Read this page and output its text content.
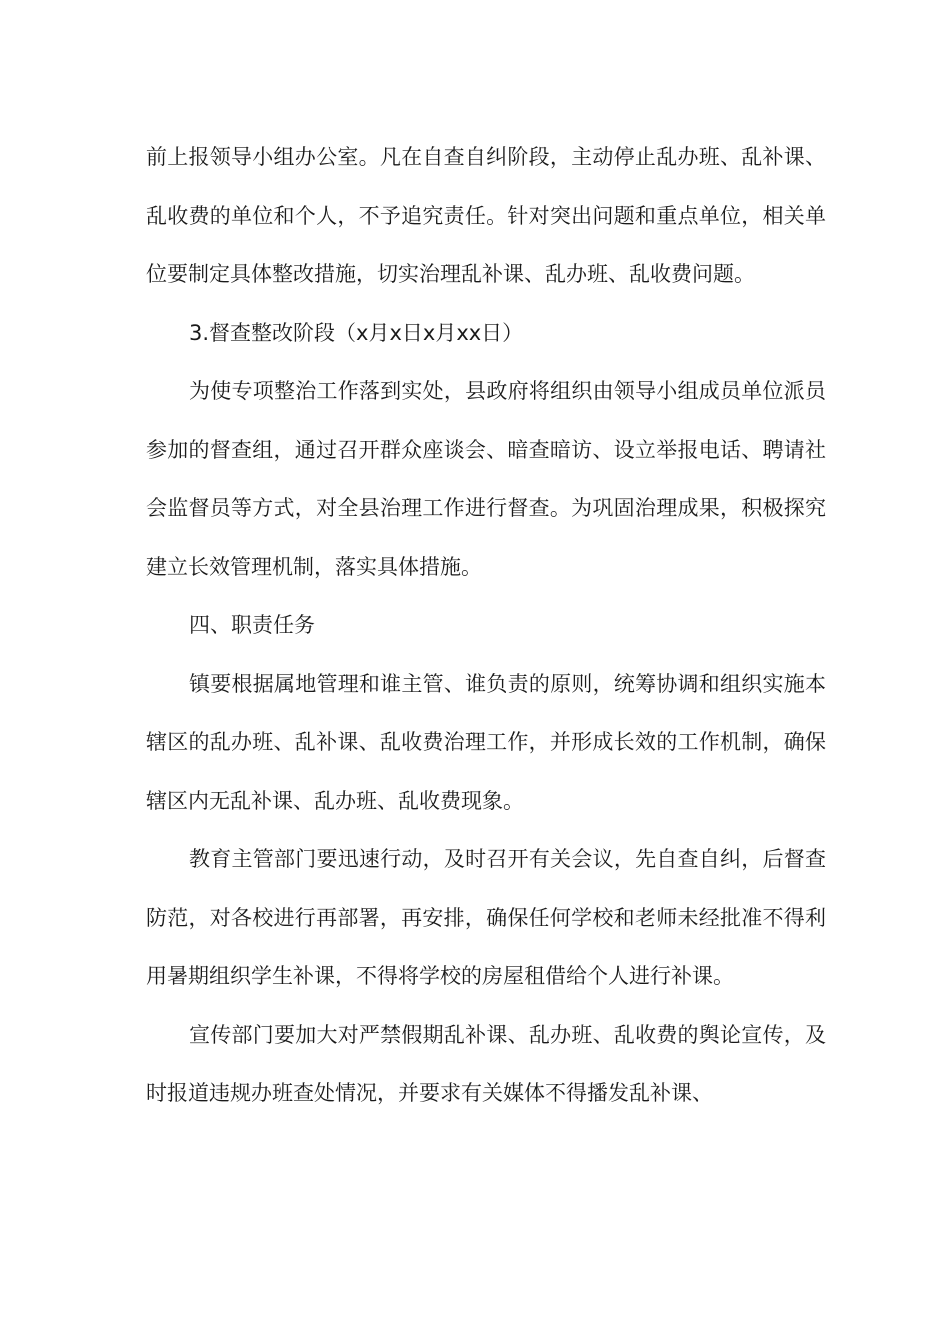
前上报领导小组办公室。凡在自查自纠阶段，主动停止乱办班、乱补课、乱收费的单位和个人，不予追究责任。针对突出问题和重点单位，相关单位要制定具体整改措施，切实治理乱补课、乱办班、乱收费问题。

3.督查整改阶段（x月x日x月xx日）

为使专项整治工作落到实处，县政府将组织由领导小组成员单位派员参加的督查组，通过召开群众座谈会、暗查暗访、设立举报电话、聘请社会监督员等方式，对全县治理工作进行督查。为巩固治理成果，积极探究建立长效管理机制，落实具体措施。

四、职责任务

镇要根据属地管理和谁主管、谁负责的原则，统筹协调和组织实施本辖区的乱办班、乱补课、乱收费治理工作，并形成长效的工作机制，确保辖区内无乱补课、乱办班、乱收费现象。

教育主管部门要迅速行动，及时召开有关会议，先自查自纠，后督查防范，对各校进行再部署，再安排，确保任何学校和老师未经批准不得利用暑期组织学生补课，不得将学校的房屋租借给个人进行补课。

宣传部门要加大对严禁假期乱补课、乱办班、乱收费的舆论宣传，及时报道违规办班查处情况，并要求有关媒体不得播发乱补课、
